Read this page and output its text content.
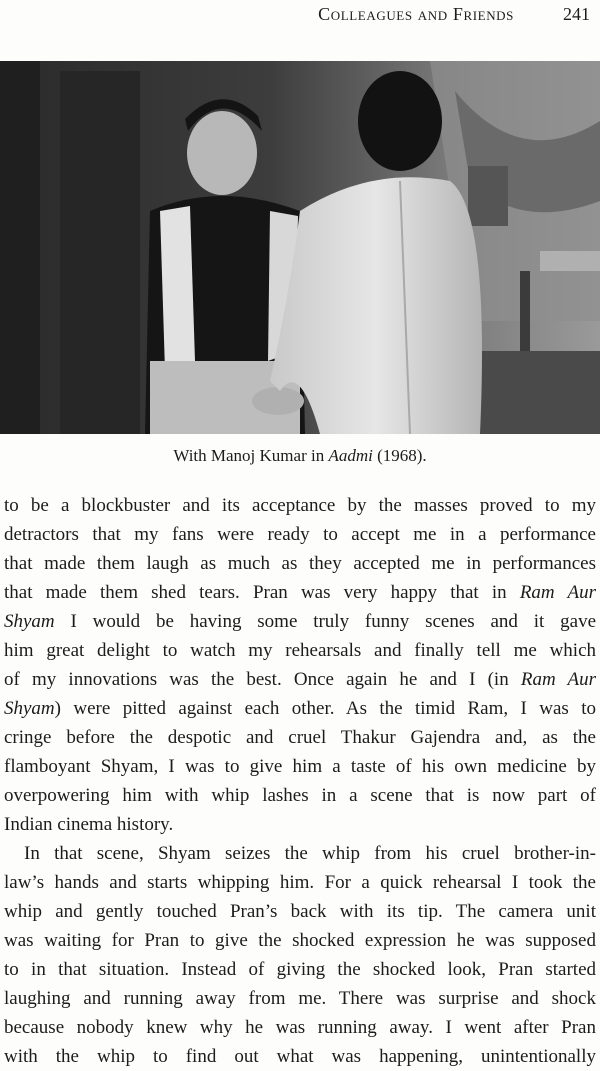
Colleagues and Friends	241
With Manoj Kumar in Aadmi (1968).
to be a blockbuster and its acceptance by the masses proved to my
detractors that my fans were ready to accept me in a performance
that made them laugh as much as they accepted me in performances
that made them shed tears. Pran was very happy that in Ram Aur
Shyam I would be having some truly funny scenes and it gave
him great delight to watch my rehearsals and finally tell me which
of my innovations was the best. Once again he and I (in Ram Aur
Shyam) were pitted against each other. As the timid Ram, I was to
cringe before the despotic and cruel Thakur Gajendra and, as the
flamboyant Shyam, I was to give him a taste of his own medicine by
overpowering him with whip lashes in a scene that is now part of
Indian cinema history.
In that scene, Shyam seizes the whip from his cruel brother-in-
law’s hands and starts whipping him. For a quick rehearsal I took the
whip and gently touched Pran’s back with its tip. The camera unit
was waiting for Pran to give the shocked expression he was supposed
to in that situation. Instead of giving the shocked look, Pran started
laughing and running away from me. There was surprise and shock
because nobody knew why he was running away. I went after Pran
with the whip to find out what was happening, unintentionally
